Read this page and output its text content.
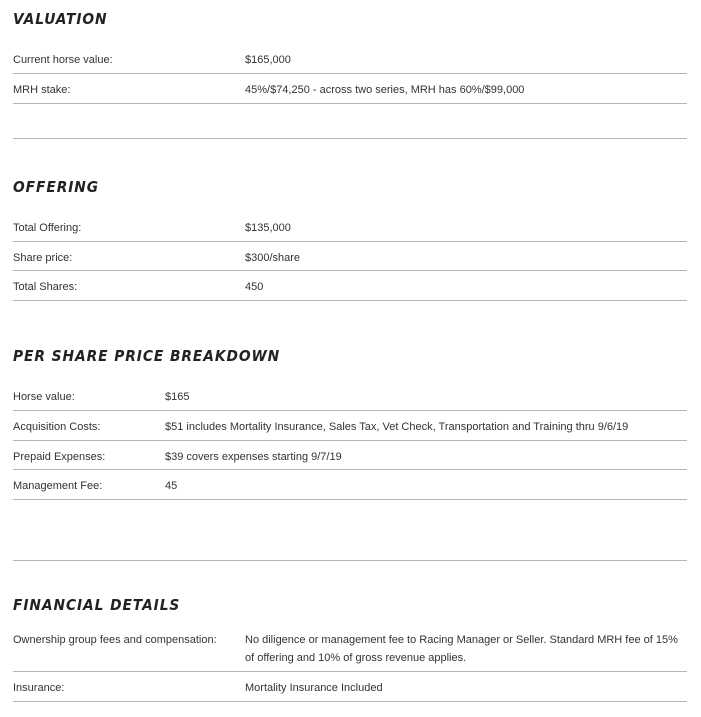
VALUATION
Current horse value:	$165,000
MRH stake:	45%/$74,250 - across two series, MRH has 60%/$99,000
OFFERING
Total Offering:	$135,000
Share price:	$300/share
Total Shares:	450
PER SHARE PRICE BREAKDOWN
Horse value:	$165
Acquisition Costs:	$51 includes Mortality Insurance, Sales Tax, Vet Check, Transportation and Training thru 9/6/19
Prepaid Expenses:	$39 covers expenses starting 9/7/19
Management Fee:	45
FINANCIAL DETAILS
Ownership group fees and compensation:	No diligence or management fee to Racing Manager or Seller. Standard MRH fee of 15%
of offering and 10% of gross revenue applies.
Insurance:	Mortality Insurance Included
